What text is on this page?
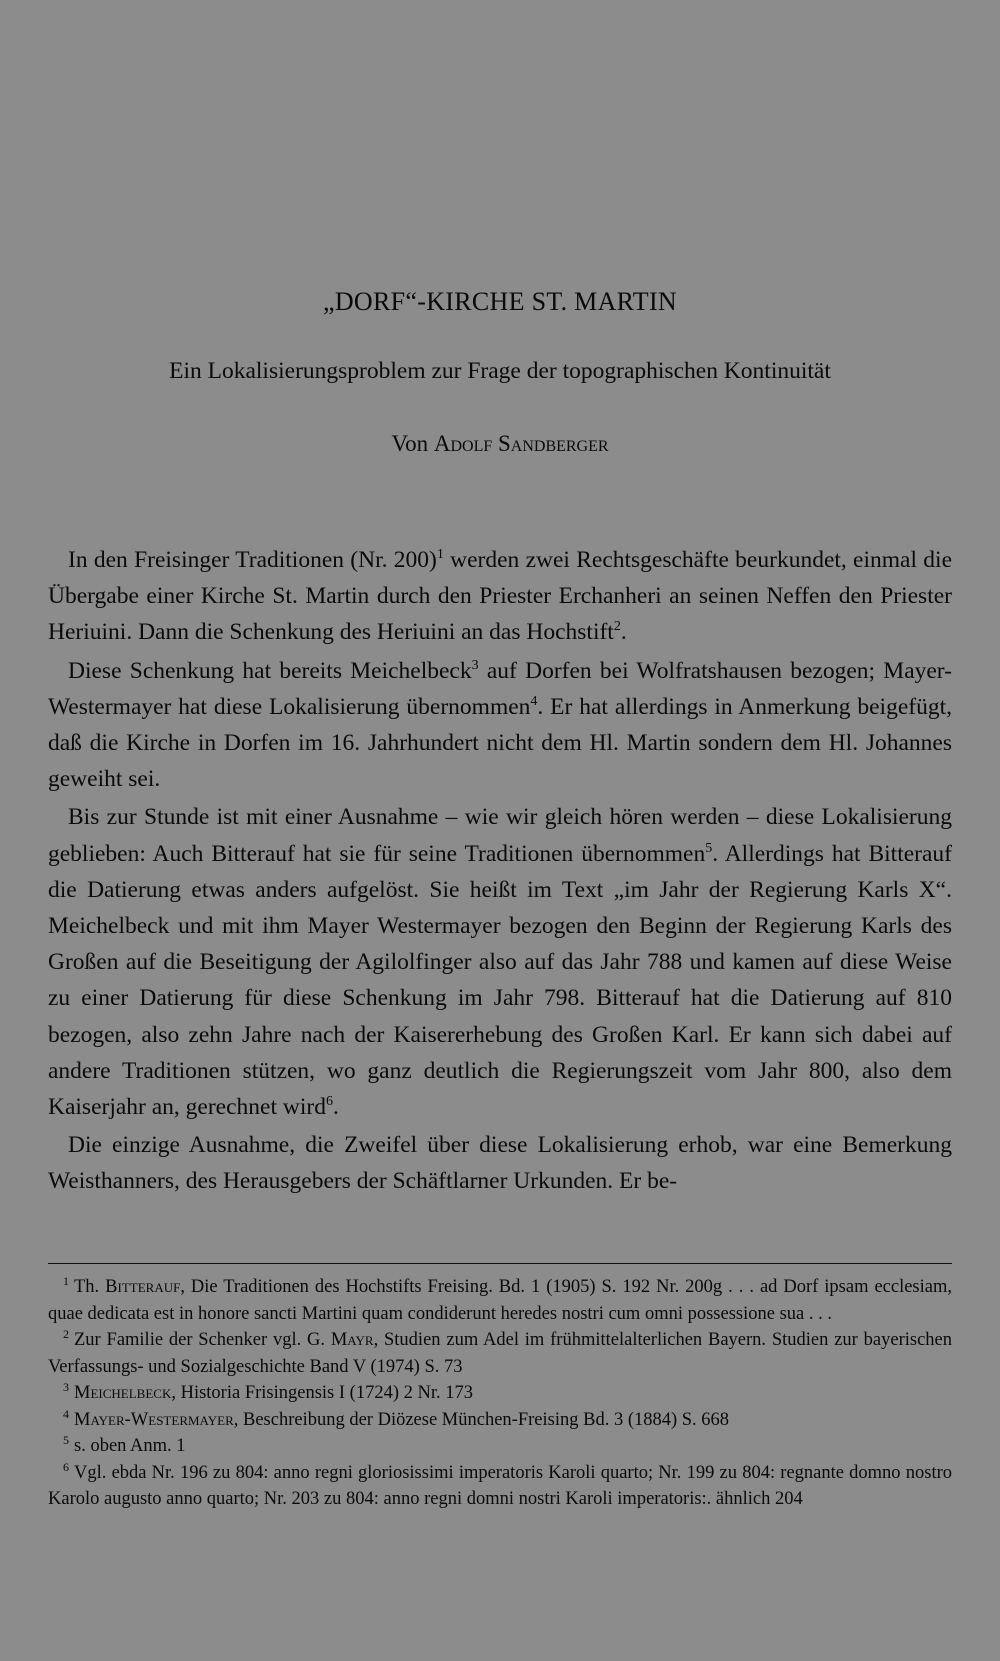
„DORF“-KIRCHE ST. MARTIN
Ein Lokalisierungsproblem zur Frage der topographischen Kontinuität
Von Adolf Sandberger

In den Freisinger Traditionen (Nr. 200)$^1$ werden zwei Rechtsgeschäfte beurkundet, einmal die Übergabe einer Kirche St. Martin durch den Priester Erchanheri an seinen Neffen den Priester Heriuini. Dann die Schenkung des Heriuini an das Hochstift$^2$.

Diese Schenkung hat bereits Meichelbeck$^3$ auf Dorfen bei Wolfratshausen bezogen; Mayer-Westermayer hat diese Lokalisierung übernommen$^4$. Er hat allerdings in Anmerkung beigefügt, daß die Kirche in Dorfen im 16. Jahrhundert nicht dem Hl. Martin sondern dem Hl. Johannes geweiht sei.

Bis zur Stunde ist mit einer Ausnahme – wie wir gleich hören werden – diese Lokalisierung geblieben: Auch Bitterauf hat sie für seine Traditionen übernommen$^5$. Allerdings hat Bitterauf die Datierung etwas anders aufgelöst. Sie heißt im Text „im Jahr der Regierung Karls X“. Meichelbeck und mit ihm Mayer Westermayer bezogen den Beginn der Regierung Karls des Großen auf die Beseitigung der Agilolfinger also auf das Jahr 788 und kamen auf diese Weise zu einer Datierung für diese Schenkung im Jahr 798. Bitterauf hat die Datierung auf 810 bezogen, also zehn Jahre nach der Kaisererhebung des Großen Karl. Er kann sich dabei auf andere Traditionen stützen, wo ganz deutlich die Regierungszeit vom Jahr 800, also dem Kaiserjahr an, gerechnet wird$^6$.

Die einzige Ausnahme, die Zweifel über diese Lokalisierung erhob, war eine Bemerkung Weisthanners, des Herausgebers der Schäftlarner Urkunden. Er be-

$^1$ Th. Bitterauf, Die Traditionen des Hochstifts Freising. Bd. 1 (1905) S. 192 Nr. 200g . . . ad Dorf ipsam ecclesiam, quae dedicata est in honore sancti Martini quam condiderunt heredes nostri cum omni possessione sua . . .

$^2$ Zur Familie der Schenker vgl. G. Mayr, Studien zum Adel im frühmittelalterlichen Bayern. Studien zur bayerischen Verfassungs- und Sozialgeschichte Band V (1974) S. 73

$^3$ Meichelbeck, Historia Frisingensis I (1724) 2 Nr. 173

$^4$ Mayer-Westermayer, Beschreibung der Diözese München-Freising Bd. 3 (1884) S. 668

$^5$ s. oben Anm. 1

$^6$ Vgl. ebda Nr. 196 zu 804: anno regni gloriosissimi imperatoris Karoli quarto; Nr. 199 zu 804: regnante domno nostro Karolo augusto anno quarto; Nr. 203 zu 804: anno regni domni nostri Karoli imperatoris:. ähnlich 204
